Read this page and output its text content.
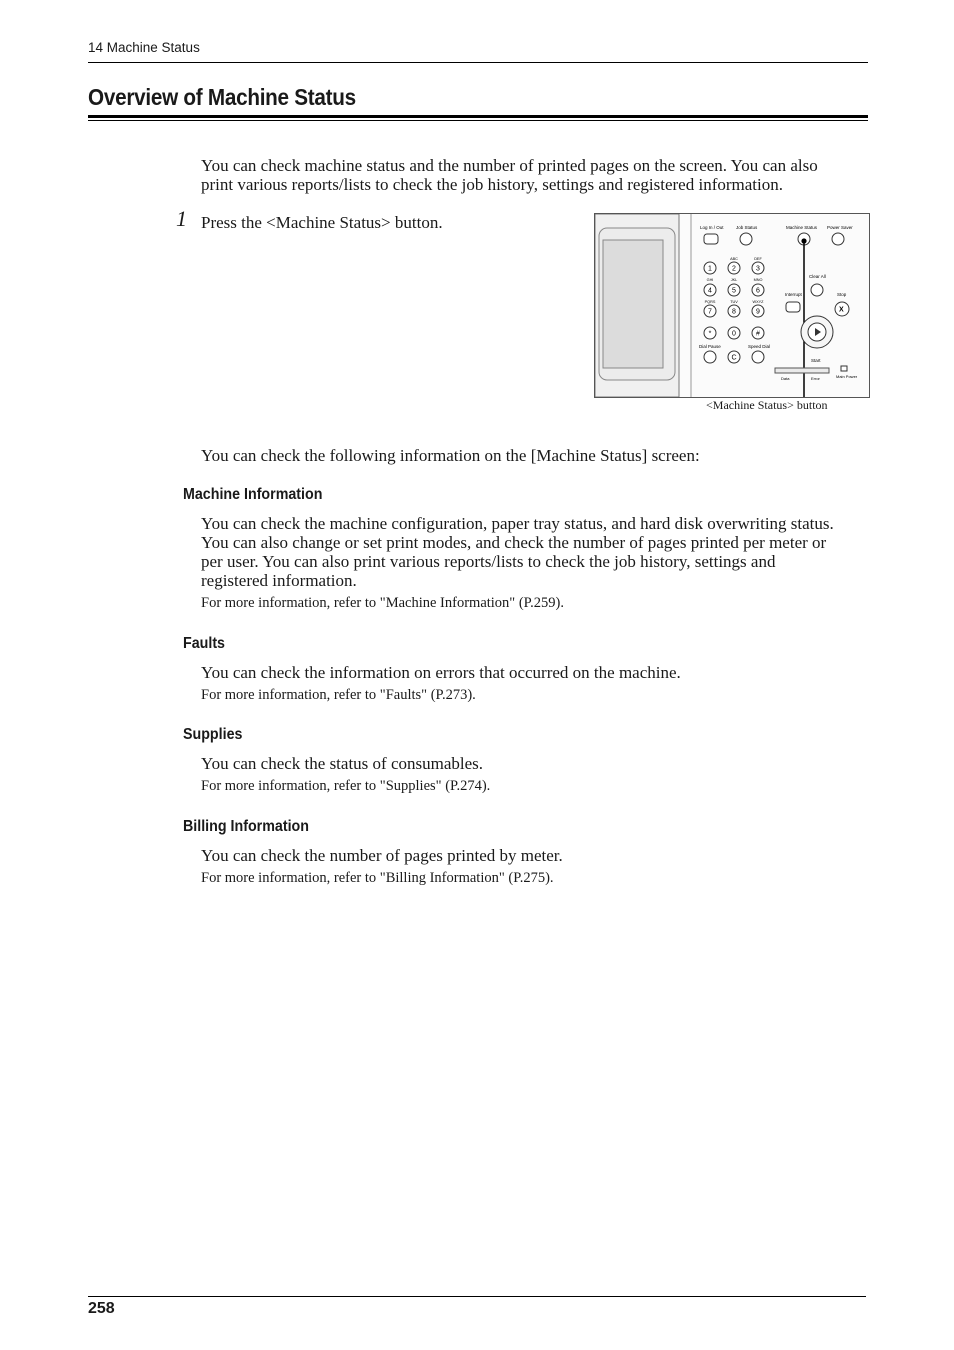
14 Machine Status
Overview of Machine Status
You can check machine status and the number of printed pages on the screen. You can also
print various reports/lists to check the job history, settings and registered information.
1 Press the <Machine Status> button.	Log In / Out	Job Status	Machine Status Power Saver
1	2	3
4	5	6
7	8	9
*	0	#
ABC	DEF
GHI	JKL	MNO
PQRS	TUV	WXYZ
C
Dial Pause	Speed Dial
Clear All
Interrupt	Stop
X
Start
Data	Error	Main Power
<Machine Status> button
You can check the following information on the [Machine Status] screen:
Machine Information
You can check the machine configuration, paper tray status, and hard disk overwriting status.
You can also change or set print modes, and check the number of pages printed per meter or
per user. You can also print various reports/lists to check the job history, settings and
registered information.
For more information, refer to "Machine Information" (P.259).
Faults
You can check the information on errors that occurred on the machine.
For more information, refer to "Faults" (P.273).
Supplies
You can check the status of consumables.
For more information, refer to "Supplies" (P.274).
Billing Information
You can check the number of pages printed by meter.
For more information, refer to "Billing Information" (P.275).
258
